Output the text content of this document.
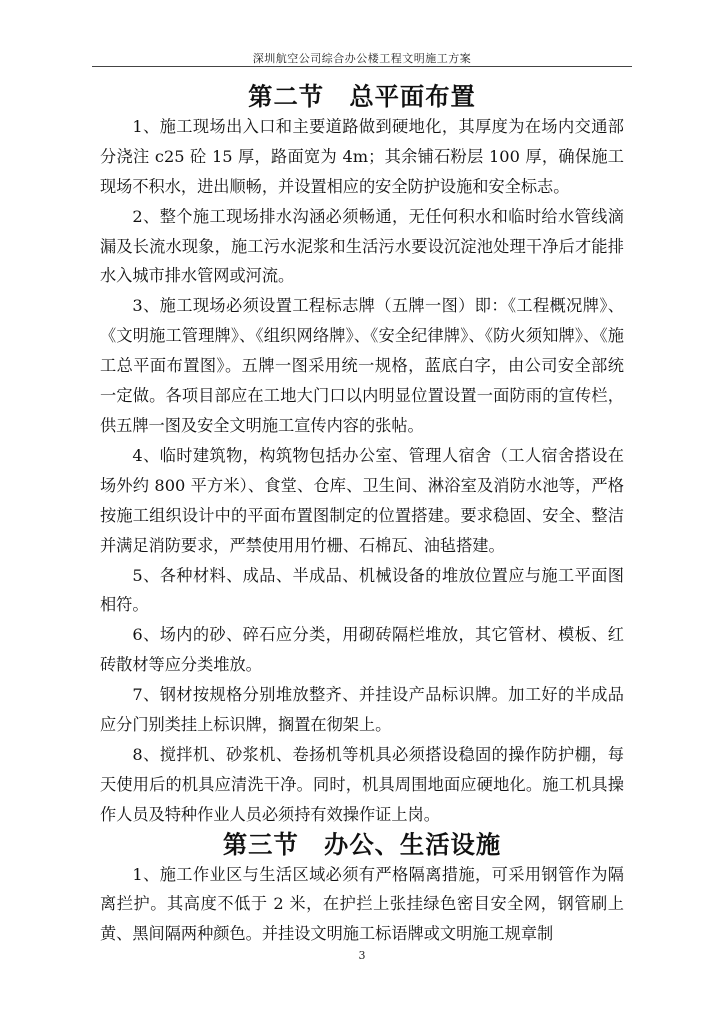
深圳航空公司综合办公楼工程文明施工方案
第二节　总平面布置

1、施工现场出入口和主要道路做到硬地化，其厚度为在场内交通部分浇注 c25 砼 15 厚，路面宽为 4m；其余铺石粉层 100 厚，确保施工现场不积水，进出顺畅，并设置相应的安全防护设施和安全标志。

2、整个施工现场排水沟涵必须畅通，无任何积水和临时给水管线滴漏及长流水现象，施工污水泥浆和生活污水要设沉淀池处理干净后才能排水入城市排水管网或河流。

3、施工现场必须设置工程标志牌（五牌一图）即：《工程概况牌》、《文明施工管理牌》、《组织网络牌》、《安全纪律牌》、《防火须知牌》、《施工总平面布置图》。五牌一图采用统一规格，蓝底白字，由公司安全部统一定做。各项目部应在工地大门口以内明显位置设置一面防雨的宣传栏，供五牌一图及安全文明施工宣传内容的张帖。

4、临时建筑物，构筑物包括办公室、管理人宿舍（工人宿舍搭设在场外约 800 平方米）、食堂、仓库、卫生间、淋浴室及消防水池等，严格按施工组织设计中的平面布置图制定的位置搭建。要求稳固、安全、整洁并满足消防要求，严禁使用用竹栅、石棉瓦、油毡搭建。

5、各种材料、成品、半成品、机械设备的堆放位置应与施工平面图相符。

6、场内的砂、碎石应分类，用砌砖隔栏堆放，其它管材、模板、红砖散材等应分类堆放。

7、钢材按规格分别堆放整齐、并挂设产品标识牌。加工好的半成品应分门别类挂上标识牌，搁置在彻架上。

8、搅拌机、砂浆机、卷扬机等机具必须搭设稳固的操作防护棚，每天使用后的机具应清洗干净。同时，机具周围地面应硬地化。施工机具操作人员及特种作业人员必须持有效操作证上岗。

第三节　办公、生活设施

1、施工作业区与生活区域必须有严格隔离措施，可采用钢管作为隔离拦护。其高度不低于 2 米，在护拦上张挂绿色密目安全网，钢管刷上黄、黑间隔两种颜色。并挂设文明施工标语牌或文明施工规章制

3
